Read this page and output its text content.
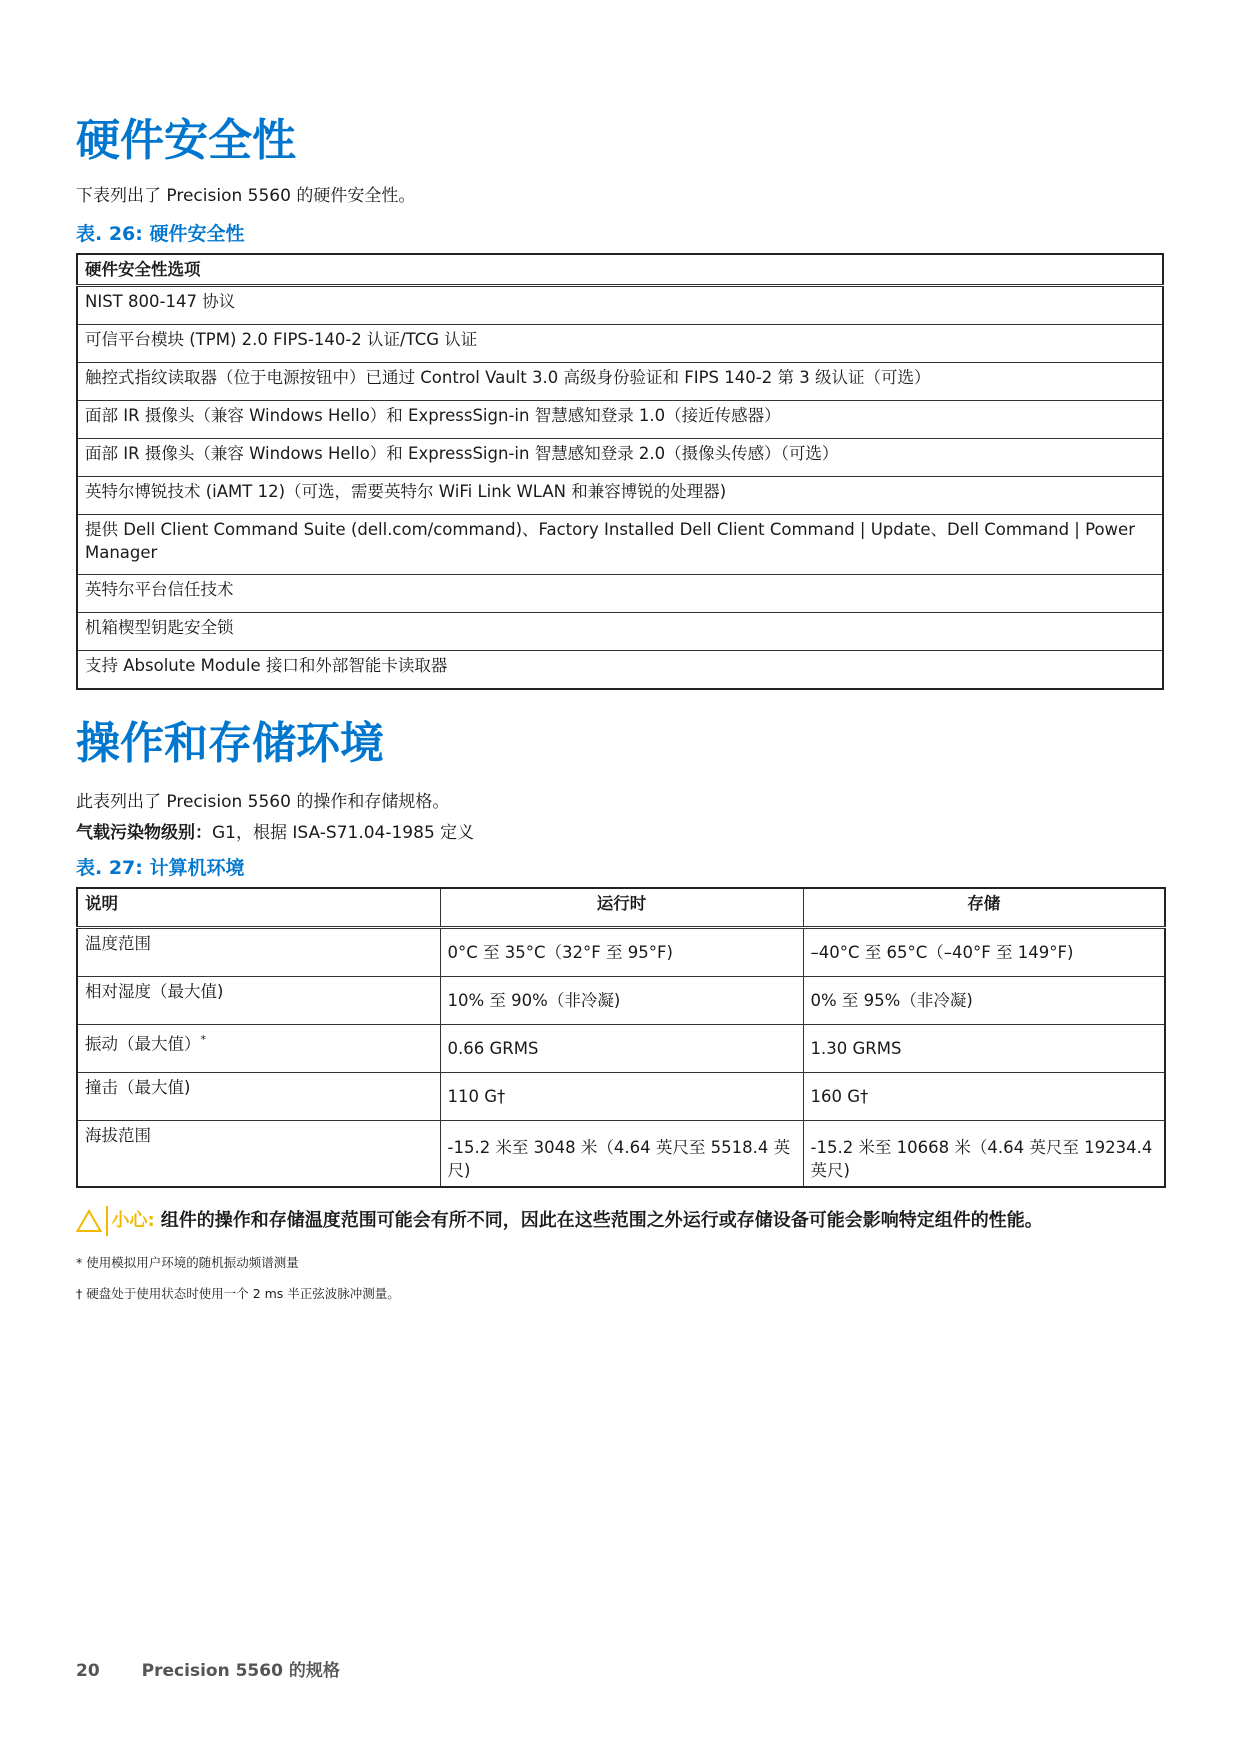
硬件安全性

下表列出了 Precision 5560 的硬件安全性。

表. 26: 硬件安全性

硬件安全性选项
NIST 800-147 协议
可信平台模块 (TPM) 2.0 FIPS-140-2 认证/TCG 认证
触控式指纹读取器（位于电源按钮中）已通过 Control Vault 3.0 高级身份验证和 FIPS 140-2 第 3 级认证（可选）
面部 IR 摄像头（兼容 Windows Hello）和 ExpressSign-in 智慧感知登录 1.0（接近传感器）
面部 IR 摄像头（兼容 Windows Hello）和 ExpressSign-in 智慧感知登录 2.0（摄像头传感）（可选）
英特尔博锐技术 (iAMT 12)（可选，需要英特尔 WiFi Link WLAN 和兼容博锐的处理器)
提供 Dell Client Command Suite (dell.com/command)、Factory Installed Dell Client Command | Update、Dell Command | Power Manager
英特尔平台信任技术
机箱楔型钥匙安全锁
支持 Absolute Module 接口和外部智能卡读取器
操作和存储环境

此表列出了 Precision 5560 的操作和存储规格。

气载污染物级别：G1，根据 ISA-S71.04-1985 定义

表. 27: 计算机环境

说明	运行时	存储
温度范围	0°C 至 35°C（32°F 至 95°F)	–40°C 至 65°C（–40°F 至 149°F)
相对湿度（最大值)	10% 至 90%（非冷凝)	0% 至 95%（非冷凝)
振动（最大值）*	0.66 GRMS	1.30 GRMS
撞击（最大值)	110 G†	160 G†
海拔范围	-15.2 米至 3048 米（4.64 英尺至 5518.4 英尺)	-15.2 米至 10668 米（4.64 英尺至 19234.4 英尺)

小心: 组件的操作和存储温度范围可能会有所不同，因此在这些范围之外运行或存储设备可能会影响特定组件的性能。

* 使用模拟用户环境的随机振动频谱测量

† 硬盘处于使用状态时使用一个 2 ms 半正弦波脉冲测量。

20 Precision 5560 的规格
